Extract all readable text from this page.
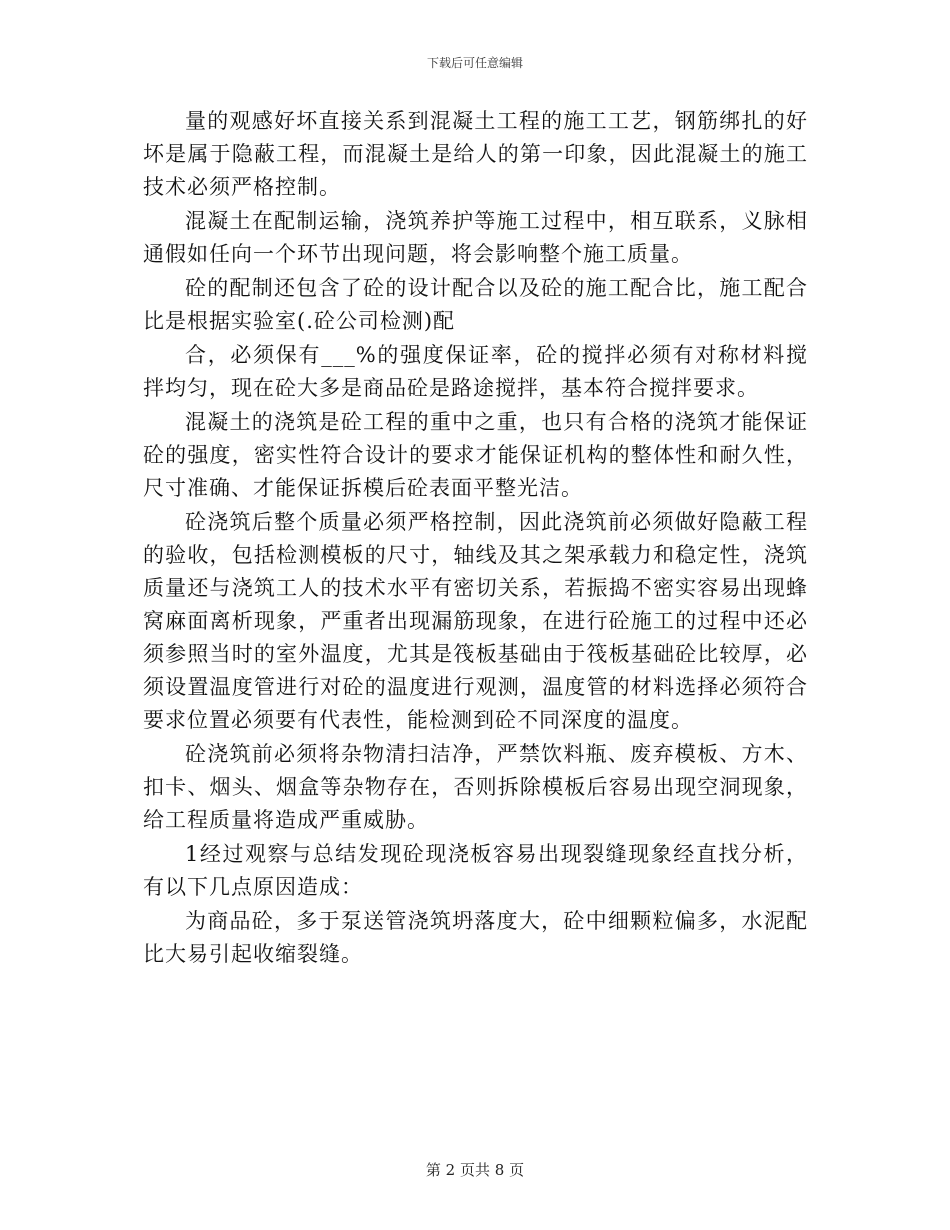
下载后可任意编辑

量的观感好坏直接关系到混凝土工程的施工工艺，钢筋绑扎的好坏是属于隐蔽工程，而混凝土是给人的第一印象，因此混凝土的施工技术必须严格控制。

混凝土在配制运输，浇筑养护等施工过程中，相互联系，义脉相通假如任向一个环节出现问题，将会影响整个施工质量。

砼的配制还包含了砼的设计配合以及砼的施工配合比，施工配合比是根据实验室(.砼公司检测)配

合，必须保有___%的强度保证率，砼的搅拌必须有对称材料搅拌均匀，现在砼大多是商品砼是路途搅拌，基本符合搅拌要求。

混凝土的浇筑是砼工程的重中之重，也只有合格的浇筑才能保证砼的强度，密实性符合设计的要求才能保证机构的整体性和耐久性，尺寸准确、才能保证拆模后砼表面平整光洁。

砼浇筑后整个质量必须严格控制，因此浇筑前必须做好隐蔽工程的验收，包括检测模板的尺寸，轴线及其之架承载力和稳定性，浇筑质量还与浇筑工人的技术水平有密切关系，若振捣不密实容易出现蜂窝麻面离析现象，严重者出现漏筋现象，在进行砼施工的过程中还必须参照当时的室外温度，尤其是筏板基础由于筏板基础砼比较厚，必须设置温度管进行对砼的温度进行观测，温度管的材料选择必须符合要求位置必须要有代表性，能检测到砼不同深度的温度。

砼浇筑前必须将杂物清扫洁净，严禁饮料瓶、废弃模板、方木、扣卡、烟头、烟盒等杂物存在，否则拆除模板后容易出现空洞现象，给工程质量将造成严重威胁。

1经过观察与总结发现砼现浇板容易出现裂缝现象经直找分析，有以下几点原因造成：

为商品砼，多于泵送管浇筑坍落度大，砼中细颗粒偏多，水泥配比大易引起收缩裂缝。

第 2 页共 8 页
